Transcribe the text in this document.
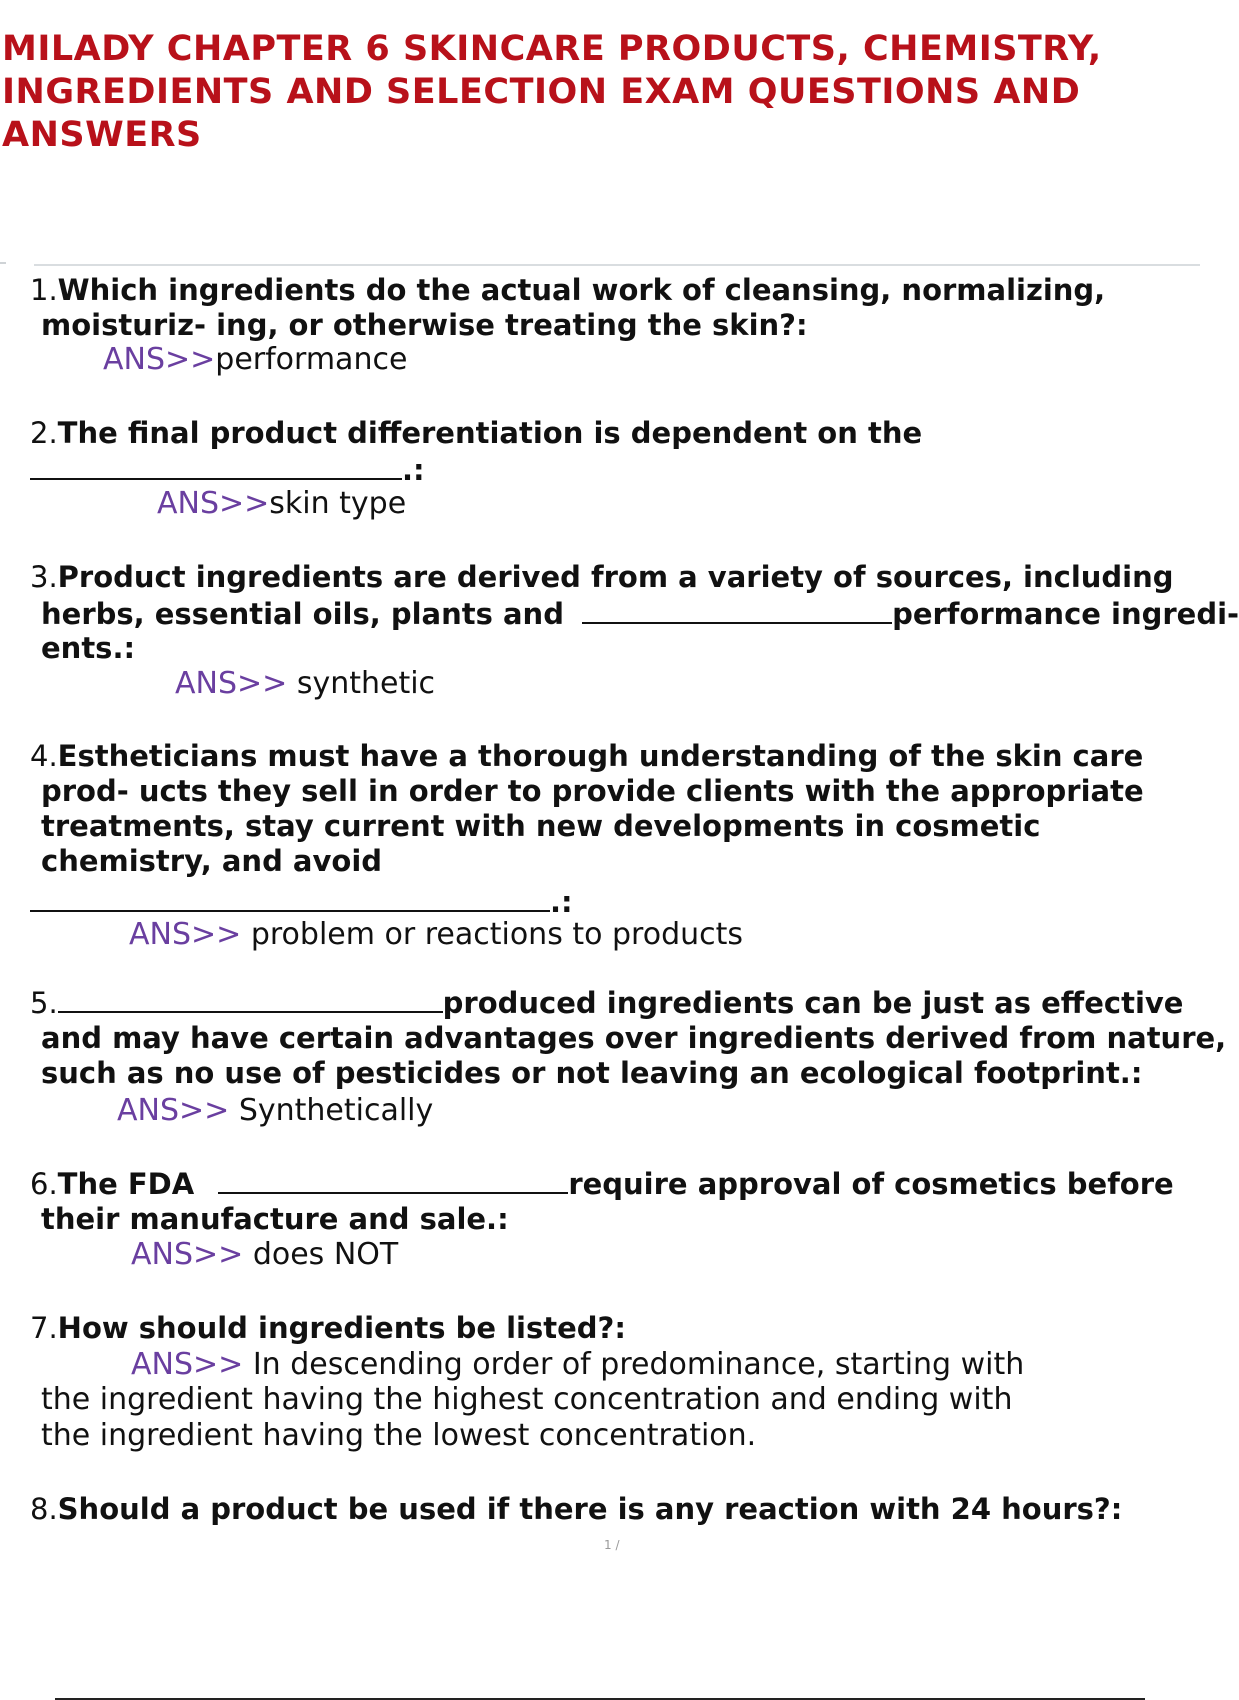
MILADY CHAPTER 6 SKINCARE PRODUCTS, CHEMISTRY, INGREDIENTS AND SELECTION EXAM QUESTIONS AND ANSWERS
1.Which ingredients do the actual work of cleansing, normalizing,
moisturiz- ing, or otherwise treating the skin?:
ANS>>performance
2.The final product differentiation is dependent on the
.:
ANS>>skin type
3.Product ingredients are derived from a variety of sources, including
herbs, essential oils, plants and	performance ingredi-
ents.:
ANS>> synthetic
4.Estheticians must have a thorough understanding of the skin care
prod- ucts they sell in order to provide clients with the appropriate
treatments, stay current with new developments in cosmetic
chemistry, and avoid
.:
ANS>> problem or reactions to products
5.	produced ingredients can be just as effective
and may have certain advantages over ingredients derived from nature,
such as no use of pesticides or not leaving an ecological footprint.:
ANS>> Synthetically
6.The FDA	require approval of cosmetics before
their manufacture and sale.:
ANS>> does NOT
7.How should ingredients be listed?:
ANS>> In descending order of predominance, starting with
the ingredient having the highest concentration and ending with
the ingredient having the lowest concentration.
8.Should a product be used if there is any reaction with 24 hours?:
1 /
